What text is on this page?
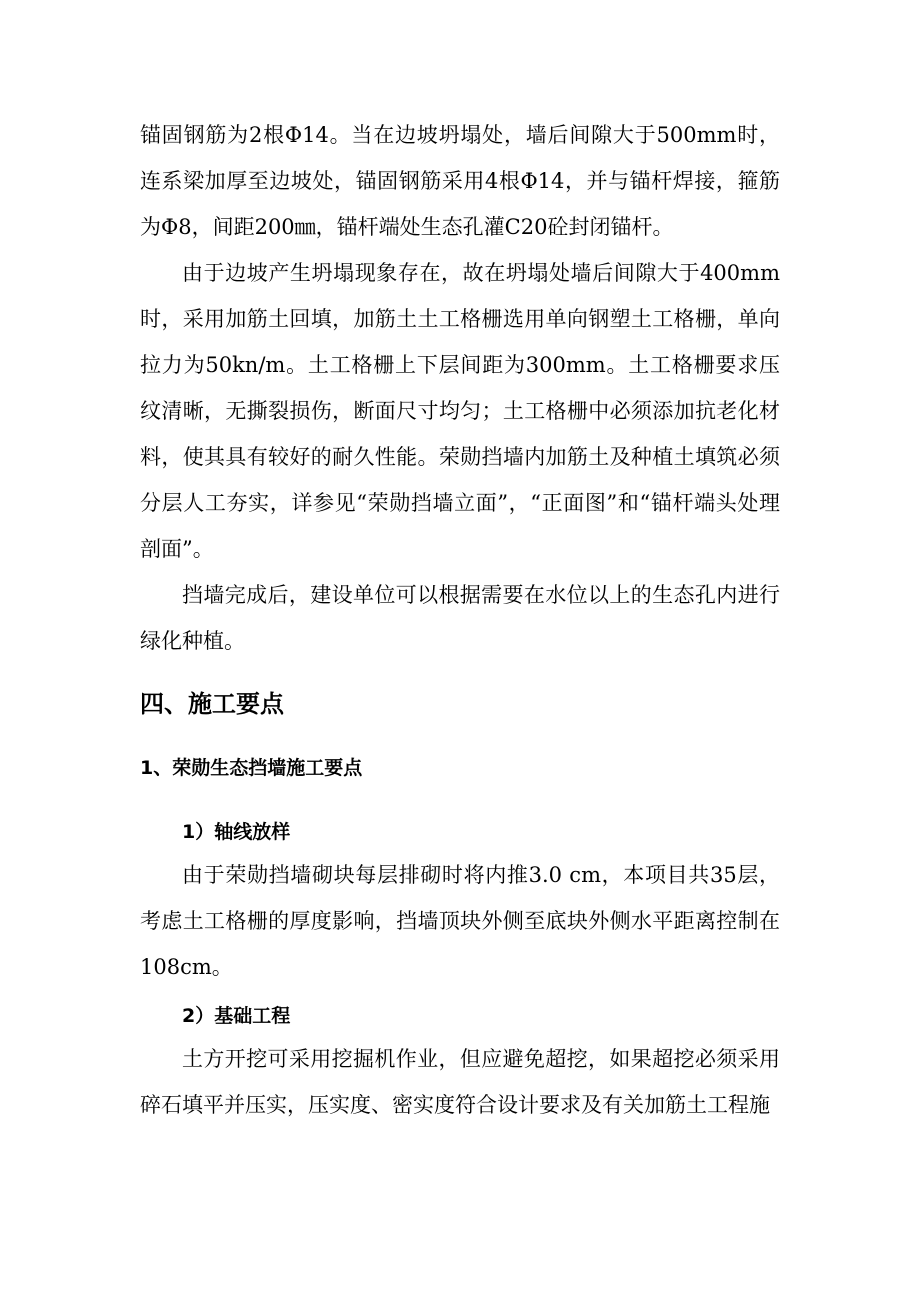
锚固钢筋为2根Φ14。当在边坡坍塌处，墙后间隙大于500mm时，连系梁加厚至边坡处，锚固钢筋采用4根Φ14，并与锚杆焊接，箍筋为Φ8，间距200㎜，锚杆端处生态孔灌C20砼封闭锚杆。

由于边坡产生坍塌现象存在，故在坍塌处墙后间隙大于400mm时，采用加筋土回填，加筋土土工格栅选用单向钢塑土工格栅，单向拉力为50kn/m。土工格栅上下层间距为300mm。土工格栅要求压纹清晰，无撕裂损伤，断面尺寸均匀；土工格栅中必须添加抗老化材料，使其具有较好的耐久性能。荣勋挡墙内加筋土及种植土填筑必须分层人工夯实，详参见“荣勋挡墙立面”，“正面图”和“锚杆端头处理剖面”。

挡墙完成后，建设单位可以根据需要在水位以上的生态孔内进行绿化种植。

四、施工要点
1、荣勋生态挡墙施工要点
1）轴线放样

由于荣勋挡墙砌块每层排砌时将内推3.0 cm，本项目共35层，考虑土工格栅的厚度影响，挡墙顶块外侧至底块外侧水平距离控制在108cm。

2）基础工程

土方开挖可采用挖掘机作业，但应避免超挖，如果超挖必须采用碎石填平并压实，压实度、密实度符合设计要求及有关加筋土工程施
